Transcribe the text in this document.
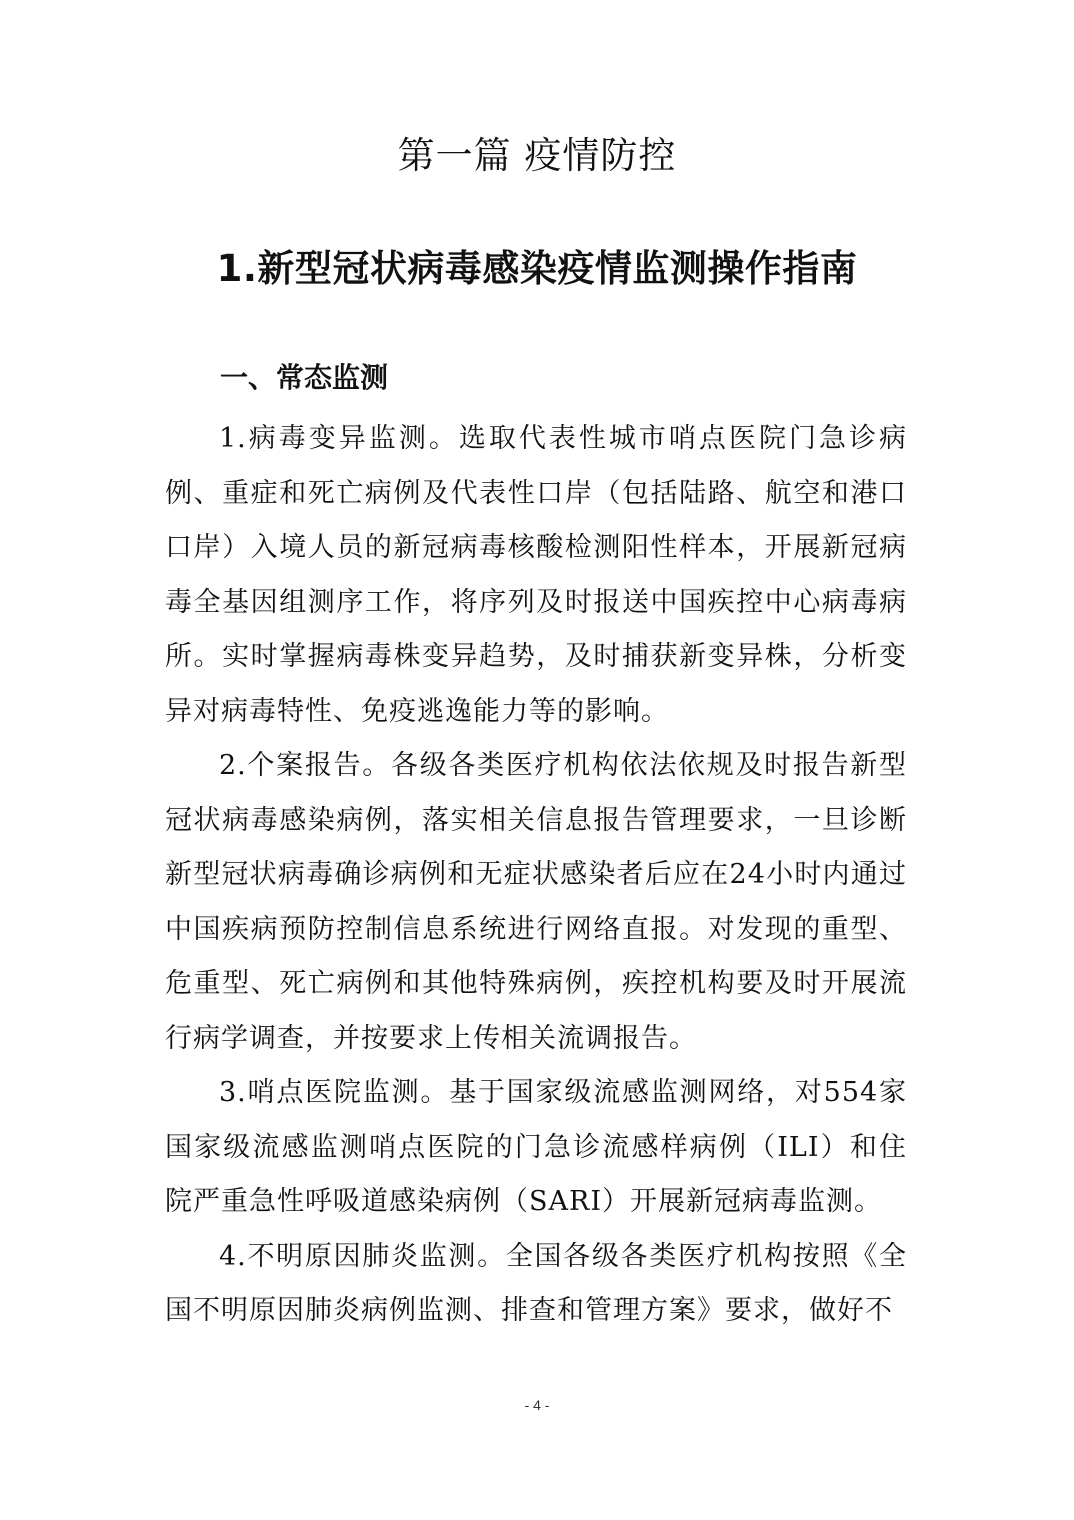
第一篇 疫情防控
1.新型冠状病毒感染疫情监测操作指南
一、常态监测

1.病毒变异监测。选取代表性城市哨点医院门急诊病例、重症和死亡病例及代表性口岸（包括陆路、航空和港口口岸）入境人员的新冠病毒核酸检测阳性样本，开展新冠病毒全基因组测序工作，将序列及时报送中国疾控中心病毒病所。实时掌握病毒株变异趋势，及时捕获新变异株，分析变异对病毒特性、免疫逃逸能力等的影响。

2.个案报告。各级各类医疗机构依法依规及时报告新型冠状病毒感染病例，落实相关信息报告管理要求，一旦诊断新型冠状病毒确诊病例和无症状感染者后应在24小时内通过中国疾病预防控制信息系统进行网络直报。对发现的重型、危重型、死亡病例和其他特殊病例，疾控机构要及时开展流行病学调查，并按要求上传相关流调报告。

3.哨点医院监测。基于国家级流感监测网络，对554家国家级流感监测哨点医院的门急诊流感样病例（ILI）和住院严重急性呼吸道感染病例（SARI）开展新冠病毒监测。

4.不明原因肺炎监测。全国各级各类医疗机构按照《全国不明原因肺炎病例监测、排查和管理方案》要求，做好不

- 4 -
